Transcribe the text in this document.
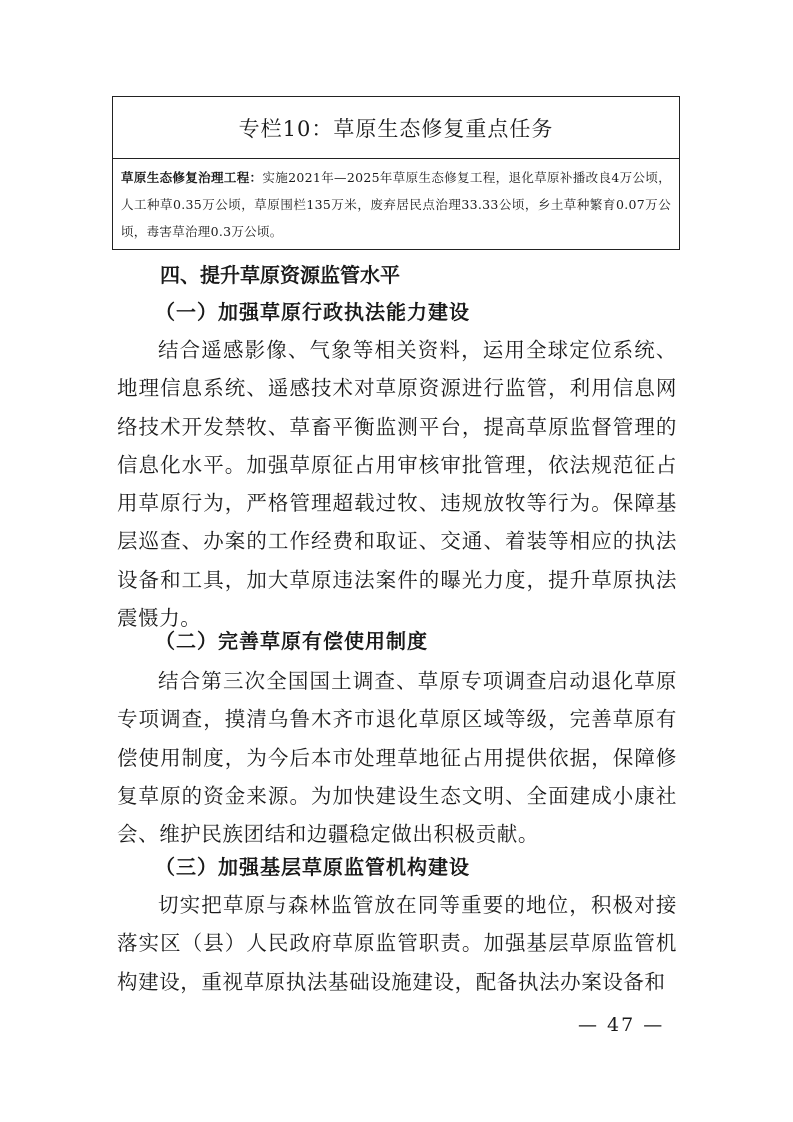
专栏10：草原生态修复重点任务
草原生态修复治理工程：实施2021年—2025年草原生态修复工程，退化草原补播改良4万公顷，人工种草0.35万公顷，草原围栏135万米，废弃居民点治理33.33公顷，乡土草种繁育0.07万公顷，毒害草治理0.3万公顷。
四、提升草原资源监管水平
（一）加强草原行政执法能力建设
结合遥感影像、气象等相关资料，运用全球定位系统、地理信息系统、遥感技术对草原资源进行监管，利用信息网络技术开发禁牧、草畜平衡监测平台，提高草原监督管理的信息化水平。加强草原征占用审核审批管理，依法规范征占用草原行为，严格管理超载过牧、违规放牧等行为。保障基层巡查、办案的工作经费和取证、交通、着装等相应的执法设备和工具，加大草原违法案件的曝光力度，提升草原执法震慑力。
（二）完善草原有偿使用制度
结合第三次全国国土调查、草原专项调查启动退化草原专项调查，摸清乌鲁木齐市退化草原区域等级，完善草原有偿使用制度，为今后本市处理草地征占用提供依据，保障修复草原的资金来源。为加快建设生态文明、全面建成小康社会、维护民族团结和边疆稳定做出积极贡献。
（三）加强基层草原监管机构建设
切实把草原与森林监管放在同等重要的地位，积极对接落实区（县）人民政府草原监管职责。加强基层草原监管机构建设，重视草原执法基础设施建设，配备执法办案设备和
— 47 —
